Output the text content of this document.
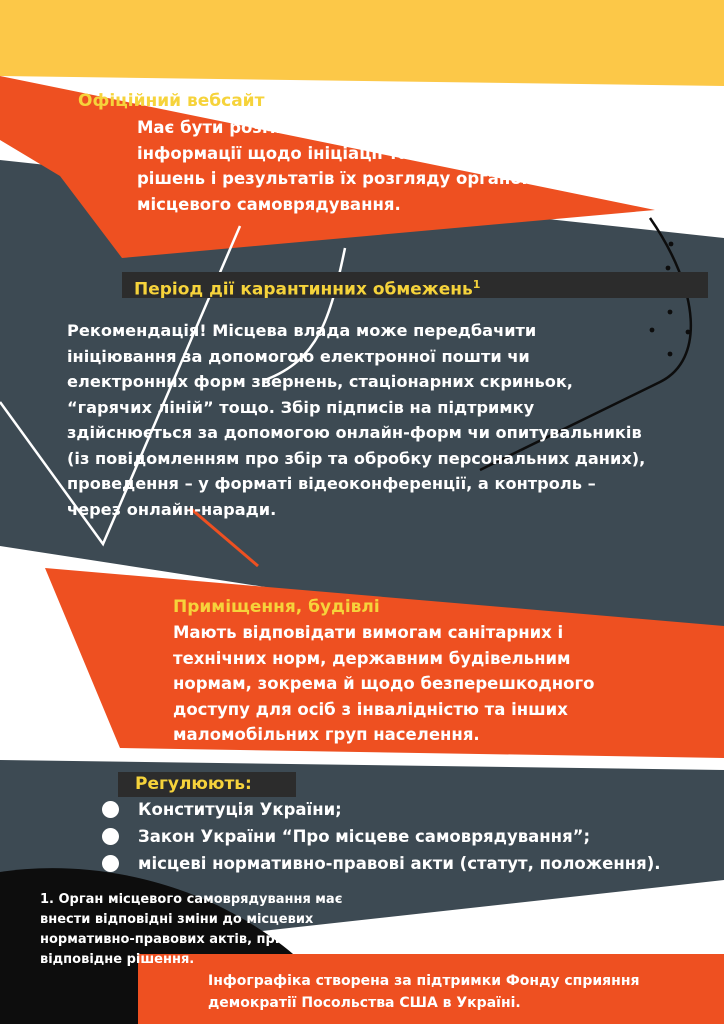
Офіційний вебсайт

Має бути розміщено механізм використання, інформації щодо ініціації та проведення, рішень і результатів їх розгляду органом місцевого самоврядування.

Період дії карантинних обмежень$^1$

Рекомендація! Місцева влада може передбачити ініціювання за допомогою електронної пошти чи електронних форм звернень, стаціонарних скриньок, “гарячих ліній” тощо. Збір підписів на підтримку здійснюється за допомогою онлайн-форм чи опитувальників (із повідомленням про збір та обробку персональних даних), проведення – у форматі відеоконференції, а контроль – через онлайн-наради.

Приміщення, будівлі

Мають відповідати вимогам санітарних і технічних норм, державним будівельним нормам, зокрема й щодо безперешкодного доступу для осіб з інвалідністю та інших маломобільних груп населення.

Регулюють:

Конституція України;
Закон України “Про місцеве самоврядування”;
місцеві нормативно-правові акти (статут, положення).

1. Орган місцевого самоврядування має внести відповідні зміни до місцевих нормативно-правових актів, прийняти відповідне рішення.

Інфографіка створена за підтримки Фонду сприяння демократії Посольства США в Україні.
